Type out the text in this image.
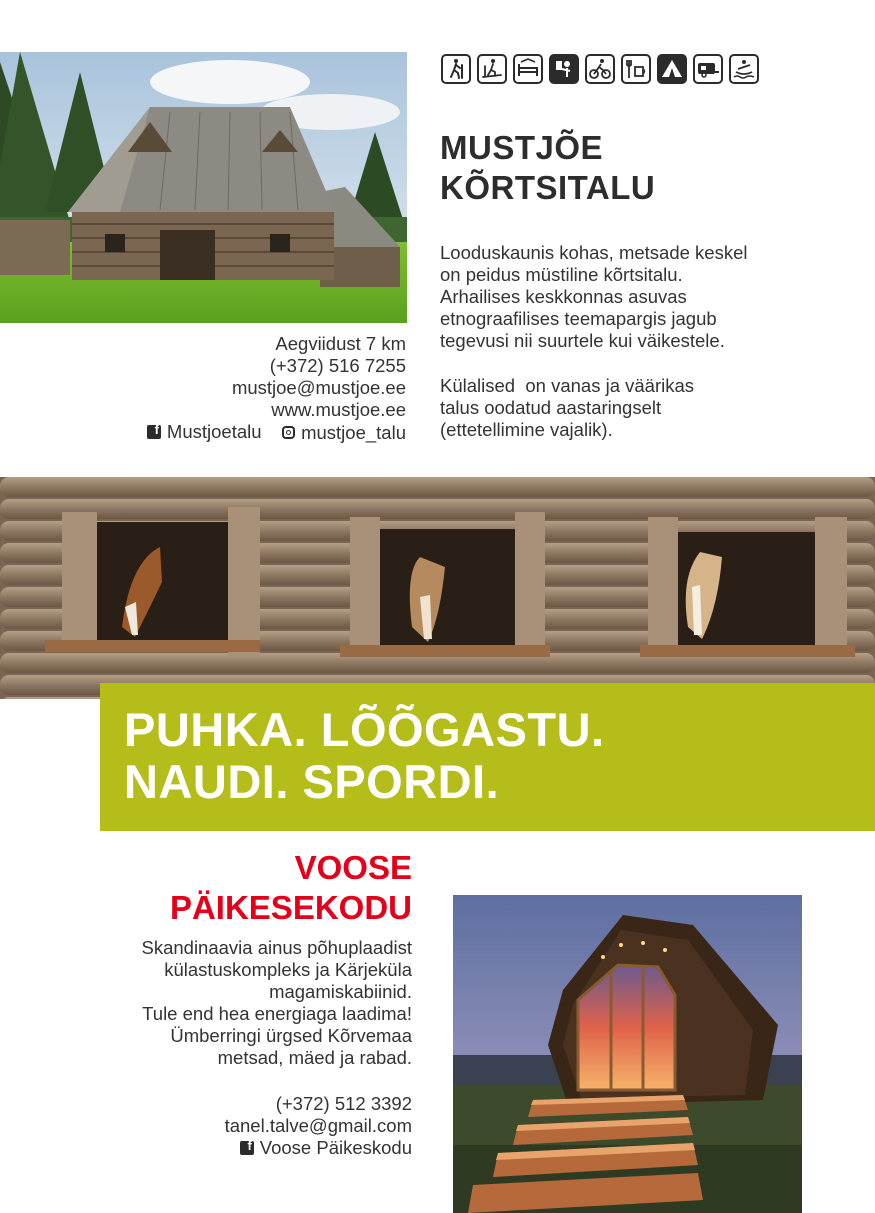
MUSTJÕE
KÕRTSITALU

Looduskaunis kohas, metsade keskel
on peidus müstiline kõrtsitalu.
Arhailises keskkonnas asuvas
etnograafilises teemapargis jagub
tegevusi nii suurtele kui väikestele.

Külalised  on vanas ja väärikas
talus oodatud aastaringselt
(ettetellimine vajalik).

Aegviidust 7 km
(+372) 516 7255
mustjoe@mustjoe.ee
www.mustjoe.ee
f
Mustjoetalu
mustjoe_talu
PUHKA. LÕÕGASTU.
NAUDI. SPORDI.
VOOSE
PÄIKESEKODU

Skandinaavia ainus põhuplaadist
külastuskompleks ja Kärjeküla
magamiskabiinid.
Tule end hea energiaga laadima!
Ümberringi ürgsed Kõrvemaa
metsad, mäed ja rabad.

(+372) 512 3392
tanel.talve@gmail.com
f
Voose Päikeskodu
